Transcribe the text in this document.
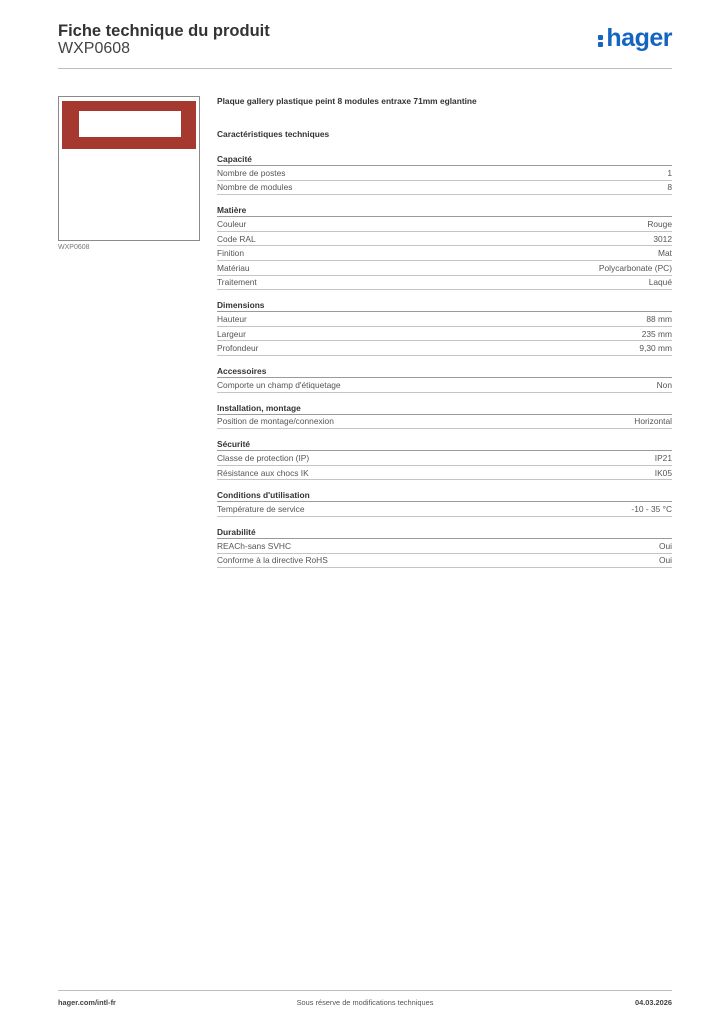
Fiche technique du produit
WXP0608	hager
WXP0608
Plaque gallery plastique peint 8 modules entraxe 71mm eglantine
Caractéristiques techniques
Capacité
Nombre de postes	1
Nombre de modules	8
Matière
Couleur	Rouge
Code RAL	3012
Finition	Mat
Matériau	Polycarbonate (PC)
Traitement	Laqué
Dimensions
Hauteur	88 mm
Largeur	235 mm
Profondeur	9,30 mm
Accessoires
Comporte un champ d'étiquetage	Non
Installation, montage
Position de montage/connexion	Horizontal
Sécurité
Classe de protection (IP)	IP21
Résistance aux chocs IK	IK05
Conditions d'utilisation
Température de service	-10 - 35 °C
Durabilité
REACh-sans SVHC	Oui
Conforme à la directive RoHS	Oui
hager.com/intl-fr	Sous réserve de modifications techniques	04.03.2026
